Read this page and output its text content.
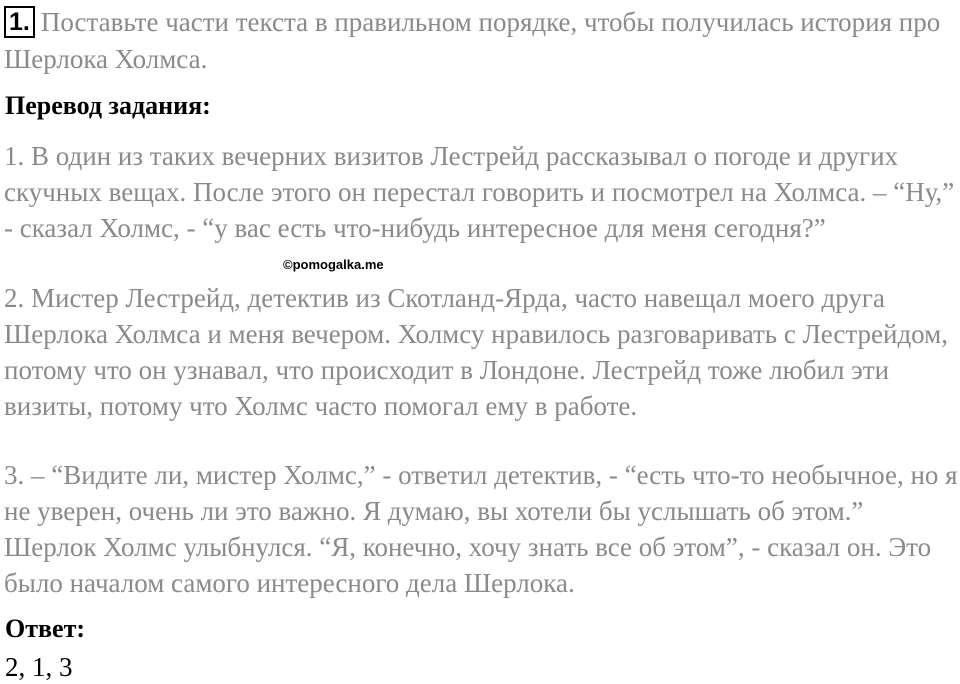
1. Поставьте части текста в правильном порядке, чтобы получилась история про Шерлока Холмса.
Перевод задания:
1. В один из таких вечерних визитов Лестрейд рассказывал о погоде и других скучных вещах. После этого он перестал говорить и посмотрел на Холмса. – “Ну,” - сказал Холмс, - “у вас есть что-нибудь интересное для меня сегодня?”
©pomogalka.me
2. Мистер Лестрейд, детектив из Скотланд-Ярда, часто навещал моего друга Шерлока Холмса и меня вечером. Холмсу нравилось разговаривать с Лестрейдом, потому что он узнавал, что происходит в Лондоне. Лестрейд тоже любил эти визиты, потому что Холмс часто помогал ему в работе.
3. – “Видите ли, мистер Холмс,” - ответил детектив, - “есть что-то необычное, но я не уверен, очень ли это важно. Я думаю, вы хотели бы услышать об этом.” Шерлок Холмс улыбнулся. “Я, конечно, хочу знать все об этом”, - сказал он. Это было началом самого интересного дела Шерлока.
Ответ:
2, 1, 3
